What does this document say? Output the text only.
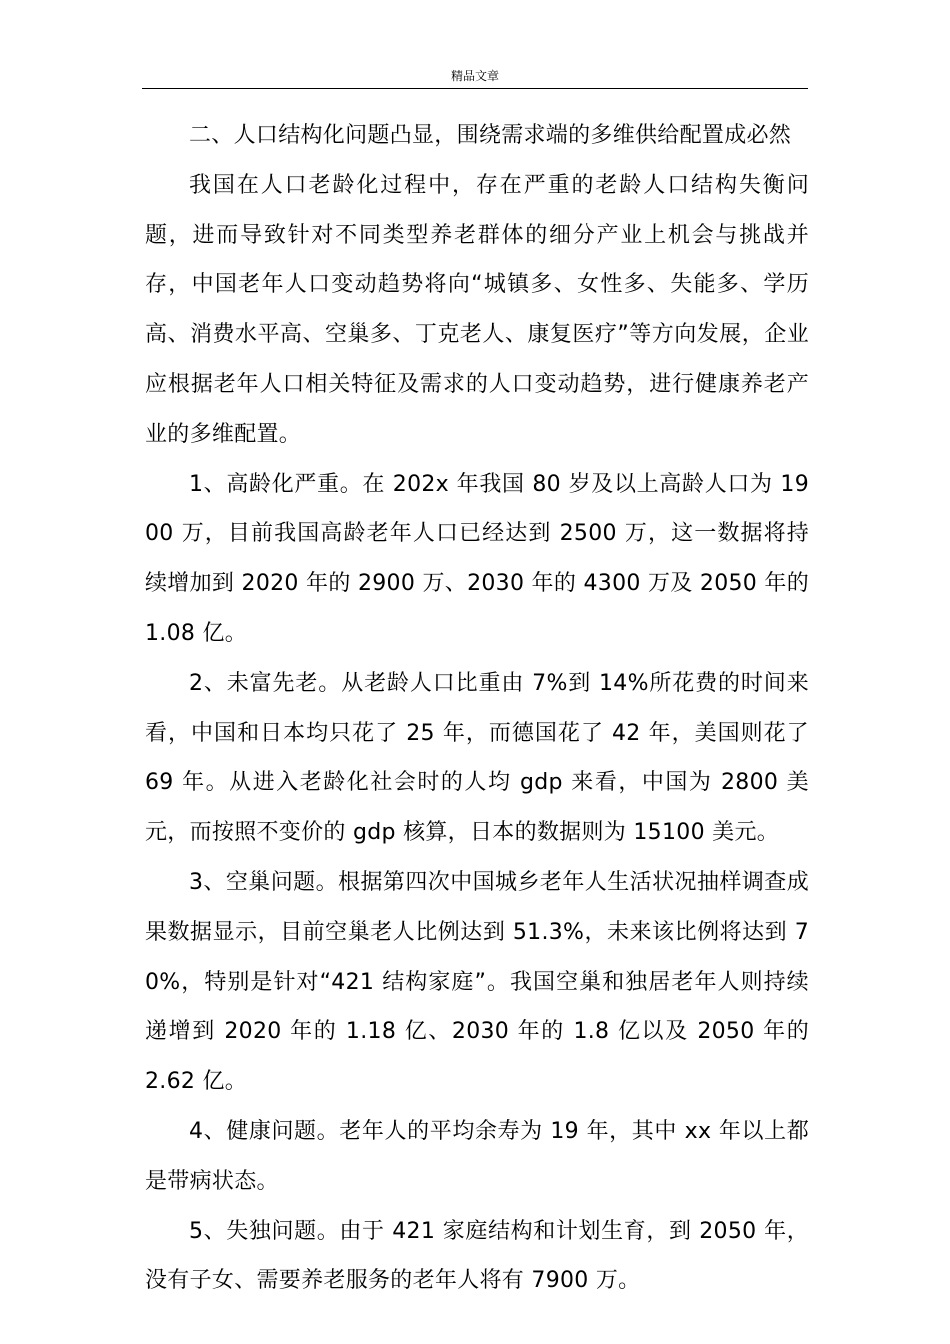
精品文章

二、人口结构化问题凸显，围绕需求端的多维供给配置成必然

我国在人口老龄化过程中，存在严重的老龄人口结构失衡问题，进而导致针对不同类型养老群体的细分产业上机会与挑战并存，中国老年人口变动趋势将向“城镇多、女性多、失能多、学历高、消费水平高、空巢多、丁克老人、康复医疗”等方向发展，企业应根据老年人口相关特征及需求的人口变动趋势，进行健康养老产业的多维配置。

1、高龄化严重。在 202x 年我国 80 岁及以上高龄人口为 1900 万，目前我国高龄老年人口已经达到 2500 万，这一数据将持续增加到 2020 年的 2900 万、2030 年的 4300 万及 2050 年的 1.08 亿。

2、未富先老。从老龄人口比重由 7%到 14%所花费的时间来看，中国和日本均只花了 25 年，而德国花了 42 年，美国则花了 69 年。从进入老龄化社会时的人均 gdp 来看，中国为 2800 美元，而按照不变价的 gdp 核算，日本的数据则为 15100 美元。

3、空巢问题。根据第四次中国城乡老年人生活状况抽样调查成果数据显示，目前空巢老人比例达到 51.3%，未来该比例将达到 70%，特别是针对“421 结构家庭”。我国空巢和独居老年人则持续递增到 2020 年的 1.18 亿、2030 年的 1.8 亿以及 2050 年的 2.62 亿。

4、健康问题。老年人的平均余寿为 19 年，其中 xx 年以上都是带病状态。

5、失独问题。由于 421 家庭结构和计划生育，到 2050 年，没有子女、需要养老服务的老年人将有 7900 万。
